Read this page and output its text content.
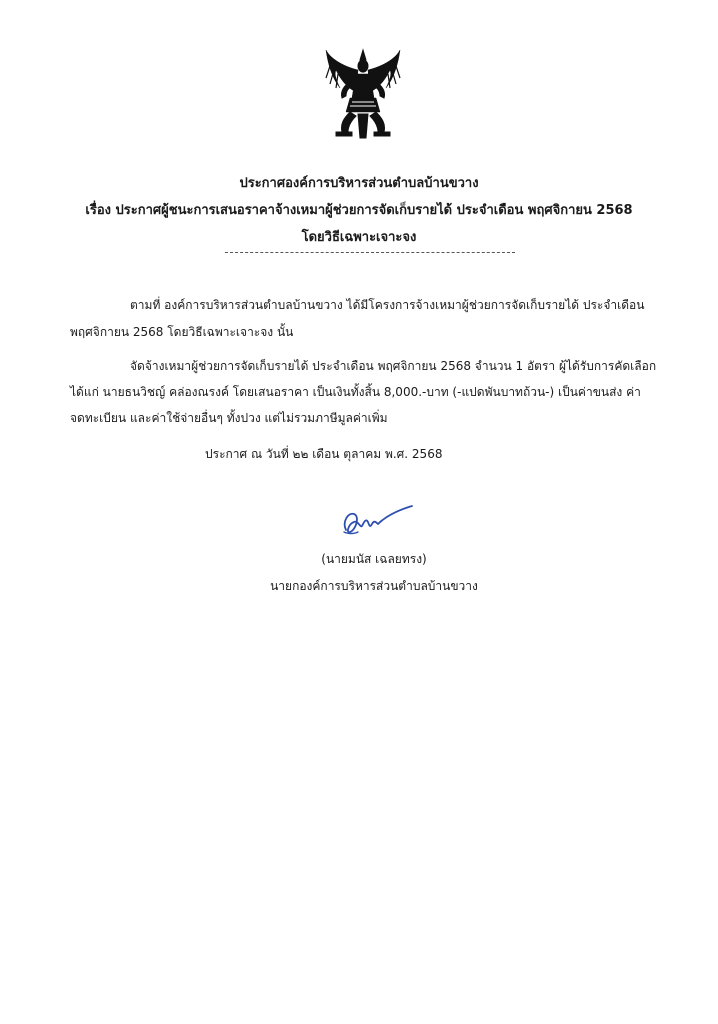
ประกาศองค์การบริหารส่วนตำบลบ้านขวาง
เรื่อง ประกาศผู้ชนะการเสนอราคาจ้างเหมาผู้ช่วยการจัดเก็บรายได้ ประจำเดือน พฤศจิกายน 2568
โดยวิธีเฉพาะเจาะจง
ตามที่ องค์การบริหารส่วนตำบลบ้านขวาง ได้มีโครงการจ้างเหมาผู้ช่วยการจัดเก็บรายได้ ประจำเดือน
พฤศจิกายน 2568 โดยวิธีเฉพาะเจาะจง นั้น
จัดจ้างเหมาผู้ช่วยการจัดเก็บรายได้ ประจำเดือน พฤศจิกายน 2568 จำนวน 1 อัตรา ผู้ได้รับการคัดเลือก
ได้แก่ นายธนวิชญ์ คล่องณรงค์ โดยเสนอราคา เป็นเงินทั้งสิ้น 8,000.-บาท (-แปดพันบาทถ้วน-) เป็นค่าขนส่ง ค่า
จดทะเบียน และค่าใช้จ่ายอื่นๆ ทั้งปวง แต่ไม่รวมภาษีมูลค่าเพิ่ม
ประกาศ ณ วันที่ ๒๒ เดือน ตุลาคม พ.ศ. 2568
(นายมนัส เฉลยทรง)
นายกองค์การบริหารส่วนตำบลบ้านขวาง
